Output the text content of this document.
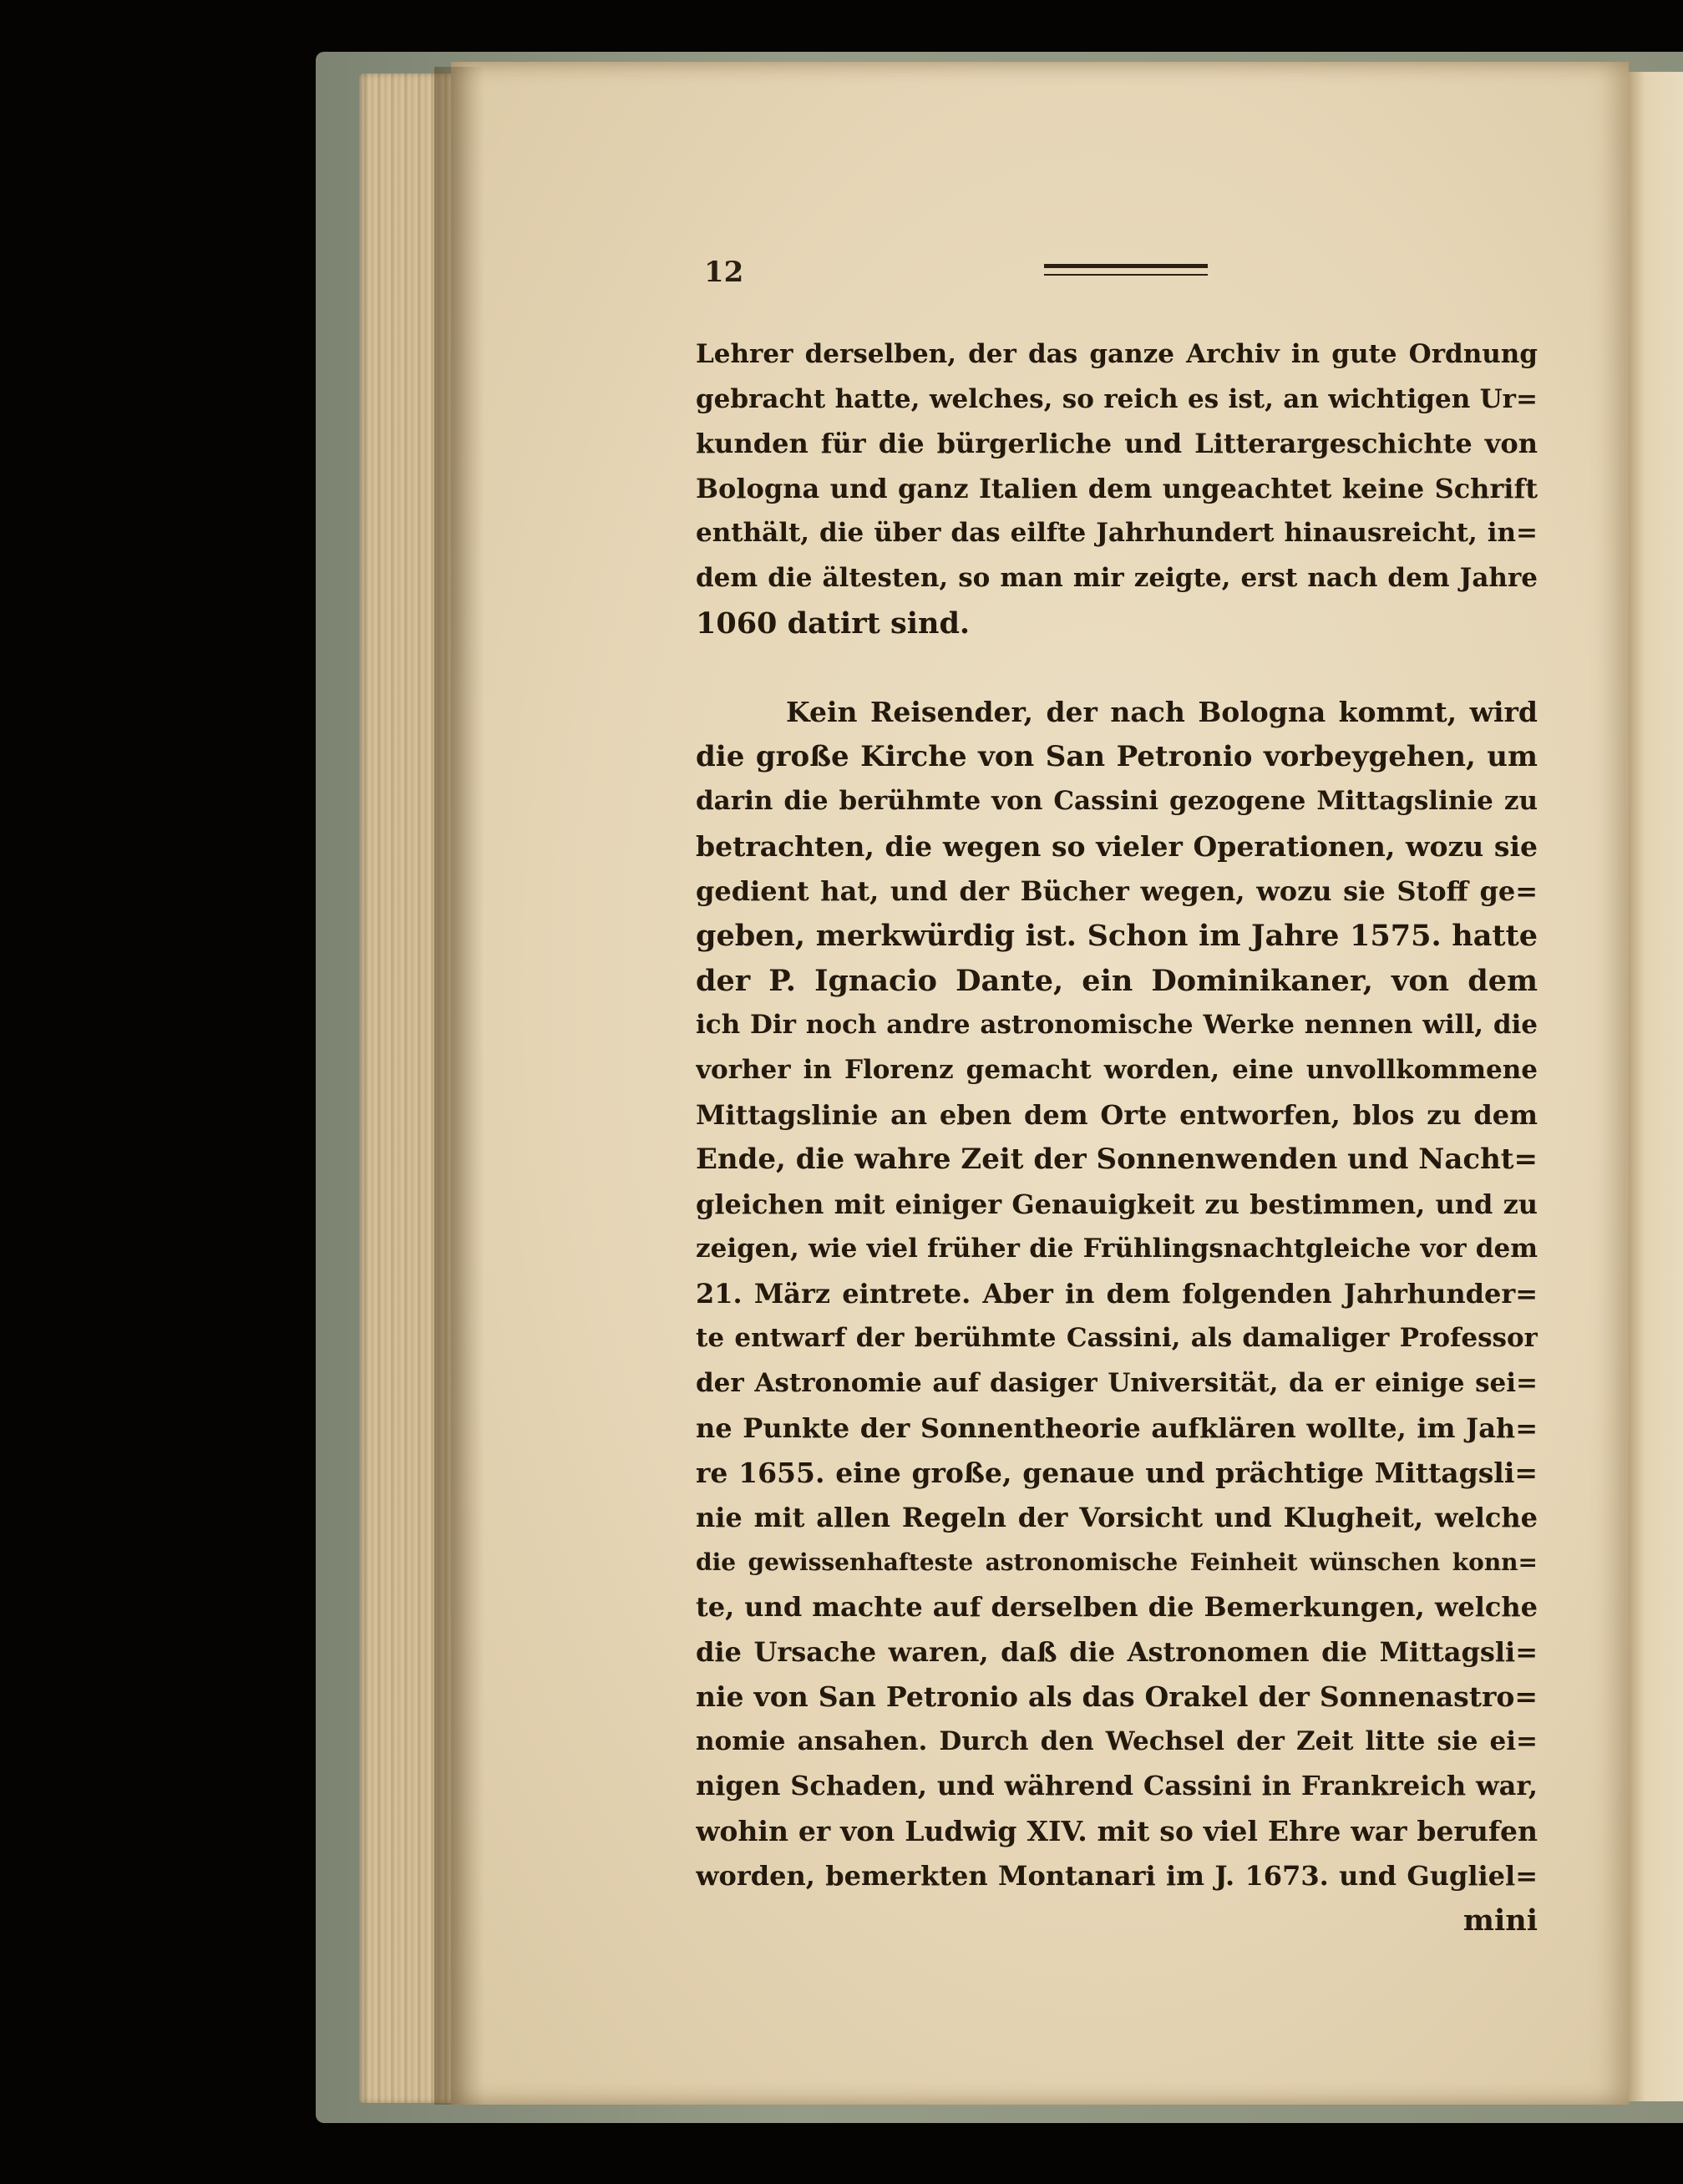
12
Lehrer derselben, der das ganze Archiv in gute Ordnung
gebracht hatte, welches, so reich es ist, an wichtigen Ur=
kunden für die bürgerliche und Litterargeschichte von
Bologna und ganz Italien dem ungeachtet keine Schrift
enthält, die über das eilfte Jahrhundert hinausreicht, in=
dem die ältesten, so man mir zeigte, erst nach dem Jahre
1060 datirt sind.
Kein Reisender, der nach Bologna kommt, wird
die große Kirche von San Petronio vorbeygehen, um
darin die berühmte von Cassini gezogene Mittagslinie zu
betrachten, die wegen so vieler Operationen, wozu sie
gedient hat, und der Bücher wegen, wozu sie Stoff ge=
geben, merkwürdig ist. Schon im Jahre 1575. hatte
der P. Ignacio Dante, ein Dominikaner, von dem
ich Dir noch andre astronomische Werke nennen will, die
vorher in Florenz gemacht worden, eine unvollkommene
Mittagslinie an eben dem Orte entworfen, blos zu dem
Ende, die wahre Zeit der Sonnenwenden und Nacht=
gleichen mit einiger Genauigkeit zu bestimmen, und zu
zeigen, wie viel früher die Frühlingsnachtgleiche vor dem
21. März eintrete. Aber in dem folgenden Jahrhunder=
te entwarf der berühmte Cassini, als damaliger Professor
der Astronomie auf dasiger Universität, da er einige sei=
ne Punkte der Sonnentheorie aufklären wollte, im Jah=
re 1655. eine große, genaue und prächtige Mittagsli=
nie mit allen Regeln der Vorsicht und Klugheit, welche
die gewissenhafteste astronomische Feinheit wünschen konn=
te, und machte auf derselben die Bemerkungen, welche
die Ursache waren, daß die Astronomen die Mittagsli=
nie von San Petronio als das Orakel der Sonnenastro=
nomie ansahen. Durch den Wechsel der Zeit litte sie ei=
nigen Schaden, und während Cassini in Frankreich war,
wohin er von Ludwig XIV. mit so viel Ehre war berufen
worden, bemerkten Montanari im J. 1673. und Gugliel=
mini
